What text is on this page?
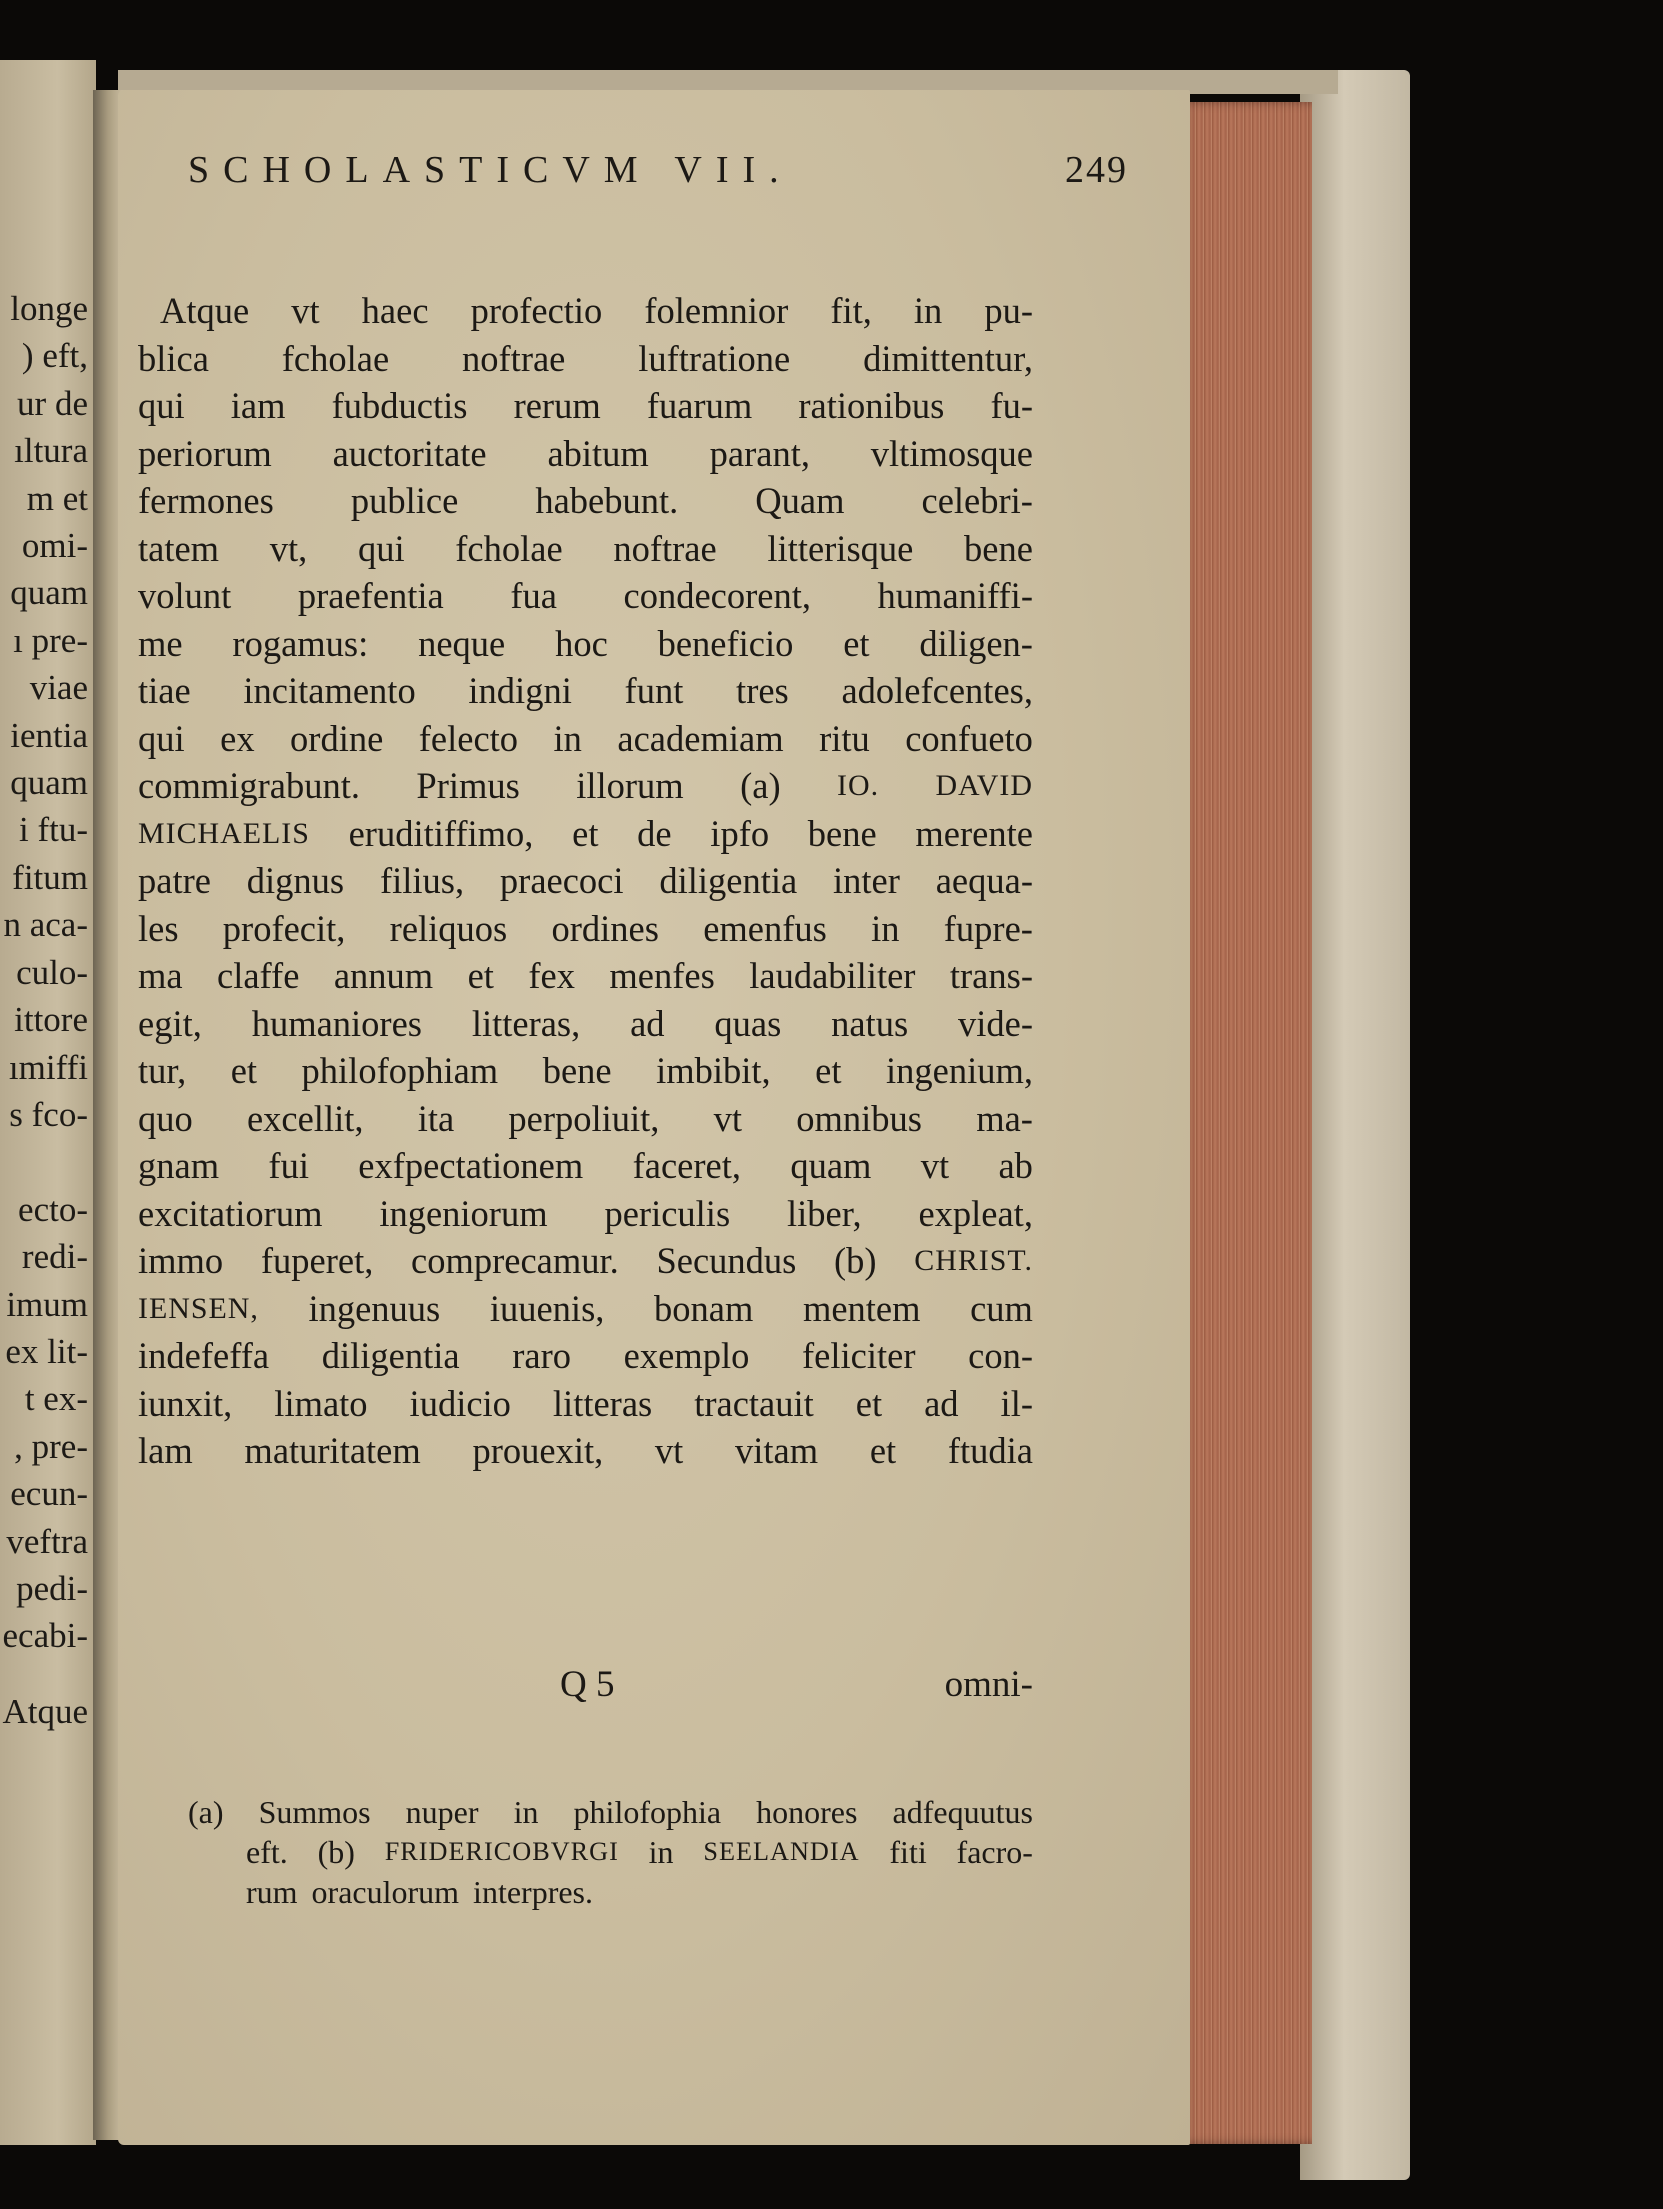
longe
) eft,
ur de
ıltura
m et
omi-
quam
ı pre-
viae
ientia
quam
i ftu-
fitum
n aca-
culo-
ittore
ımiffi
s fco-

ecto-
redi-
imum
ex lit-
t ex-
, pre-
ecun-
veftra
pedi-
ecabi-
Atque
SCHOLASTICVM VII.	249
Atque vt haec profectio folemnior fit, in pu-
blica fcholae noftrae luftratione dimittentur,
qui iam fubductis rerum fuarum rationibus fu-
periorum auctoritate abitum parant, vltimosque
fermones publice habebunt. Quam celebri-
tatem vt, qui fcholae noftrae litterisque bene
volunt praefentia fua condecorent, humaniffi-
me rogamus: neque hoc beneficio et diligen-
tiae incitamento indigni funt tres adolefcentes,
qui ex ordine felecto in academiam ritu confueto
commigrabunt. Primus illorum (a) IO. DAVID
MICHAELIS eruditiffimo, et de ipfo bene merente
patre dignus filius, praecoci diligentia inter aequa-
les profecit, reliquos ordines emenfus in fupre-
ma claffe annum et fex menfes laudabiliter trans-
egit, humaniores litteras, ad quas natus vide-
tur, et philofophiam bene imbibit, et ingenium,
quo excellit, ita perpoliuit, vt omnibus ma-
gnam fui exfpectationem faceret, quam vt ab
excitatiorum ingeniorum periculis liber, expleat,
immo fuperet, comprecamur. Secundus (b) CHRIST.
IENSEN, ingenuus iuuenis, bonam mentem cum
indefeffa diligentia raro exemplo feliciter con-
iunxit, limato iudicio litteras tractauit et ad il-
lam maturitatem prouexit, vt vitam et ftudia
Q 5	omni-
(a) Summos nuper in philofophia honores adfequutus
eft. (b) FRIDERICOBVRGI in SEELANDIA fiti facro-
rum oraculorum interpres.
